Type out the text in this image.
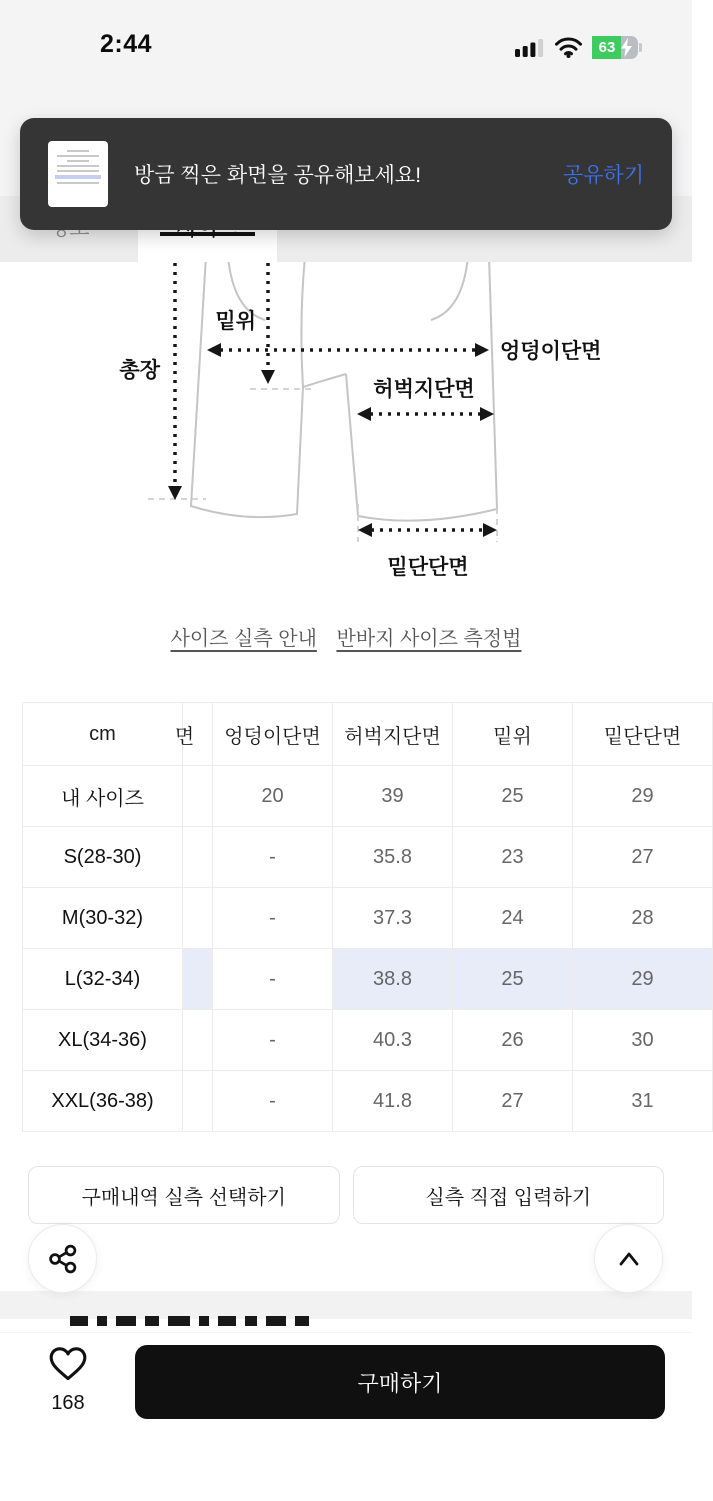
2:44	63
방금 찍은 화면을 공유해보세요!	공유하기
총장
밑위
엉덩이단면
허벅지단면
밑단단면
사이즈 실측 안내 반바지 사이즈 측정법
cm	면	엉덩이단면	허벅지단면	밑위	밑단단면
내 사이즈		20	39	25	29
S(28-30)		-	35.8	23	27
M(30-32)		-	37.3	24	28
L(32-34)		-	38.8	25	29
XL(34-36)		-	40.3	26	30
XXL(36-38)		-	41.8	27	31
구매내역 실측 선택하기	실측 직접 입력하기
168
구매하기
